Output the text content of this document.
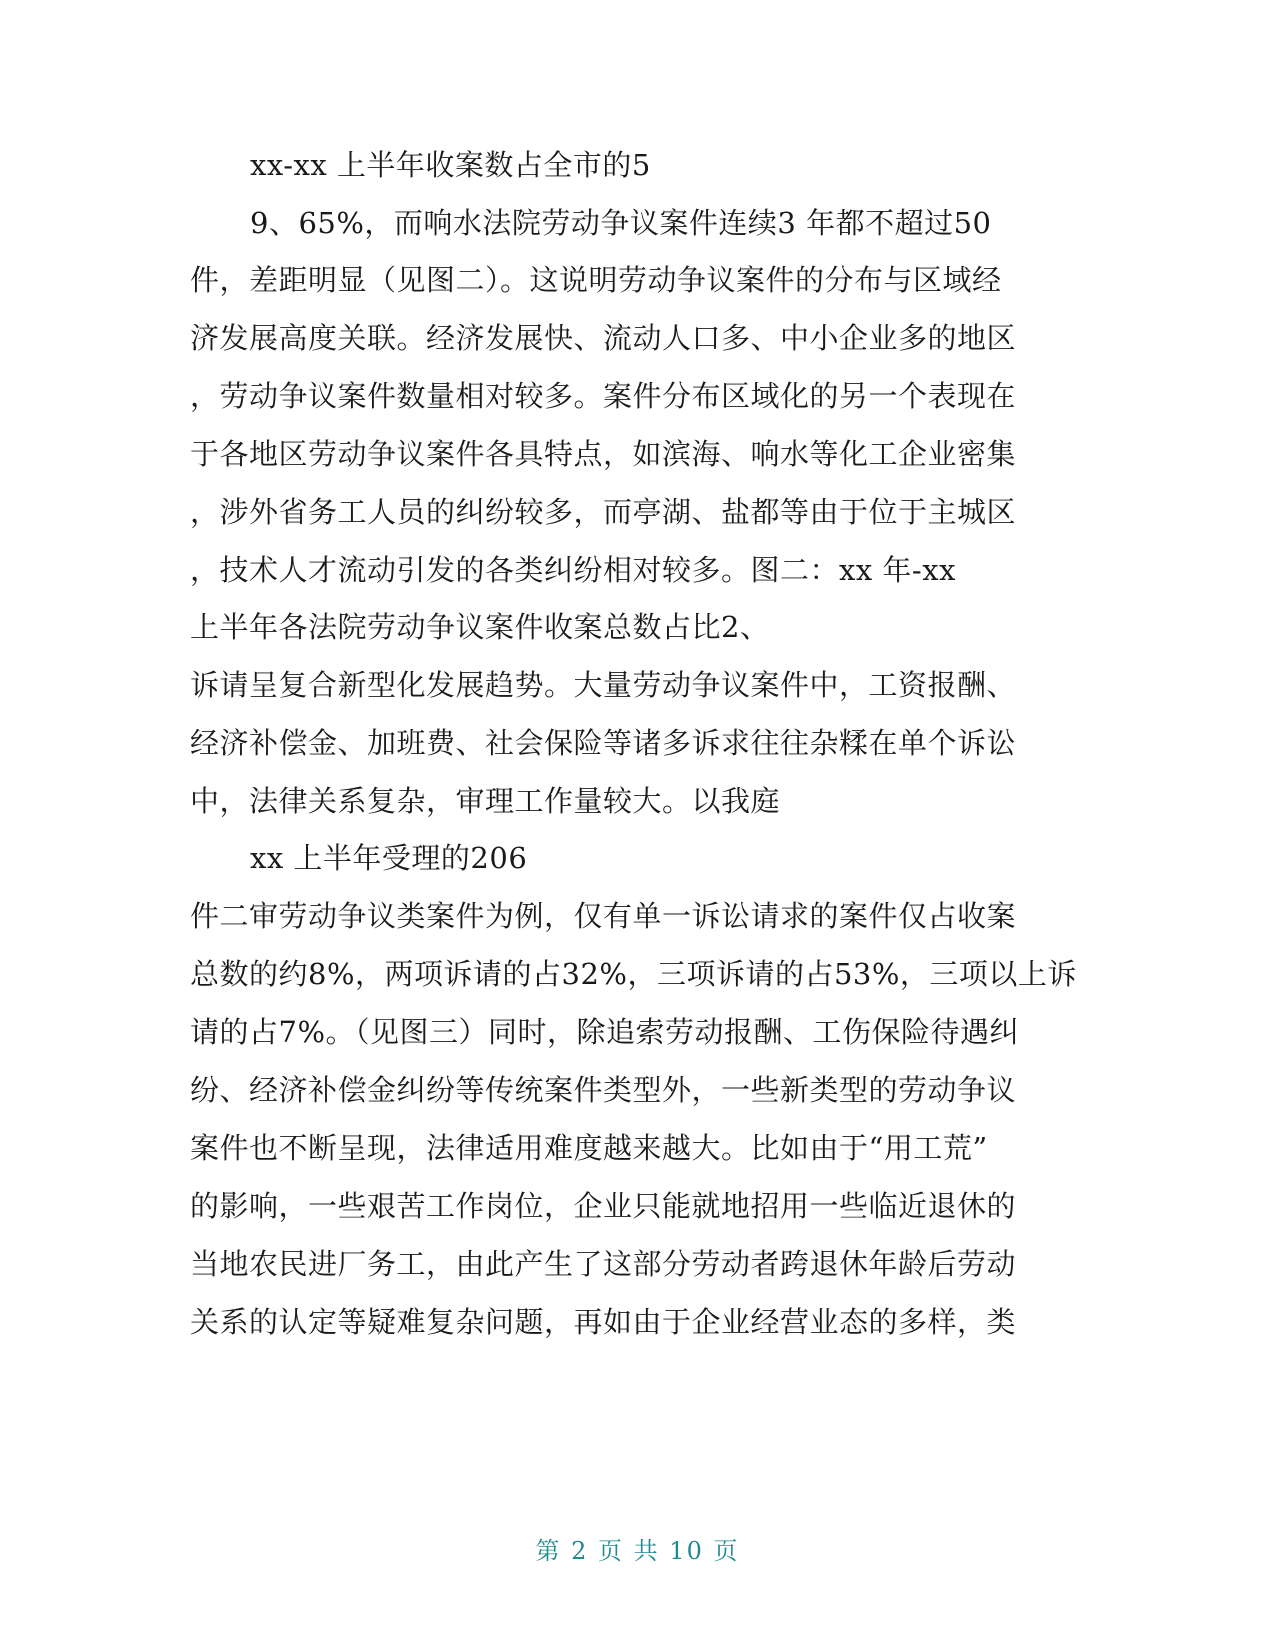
xx-xx 上半年收案数占全市的5
9、65%，而响水法院劳动争议案件连续3 年都不超过50
件，差距明显（见图二）。这说明劳动争议案件的分布与区域经
济发展高度关联。经济发展快、流动人口多、中小企业多的地区
，劳动争议案件数量相对较多。案件分布区域化的另一个表现在
于各地区劳动争议案件各具特点，如滨海、响水等化工企业密集
，涉外省务工人员的纠纷较多，而亭湖、盐都等由于位于主城区
，技术人才流动引发的各类纠纷相对较多。图二：xx 年-xx
上半年各法院劳动争议案件收案总数占比2、
诉请呈复合新型化发展趋势。大量劳动争议案件中，工资报酬、
经济补偿金、加班费、社会保险等诸多诉求往往杂糅在单个诉讼
中，法律关系复杂，审理工作量较大。以我庭
xx 上半年受理的206
件二审劳动争议类案件为例，仅有单一诉讼请求的案件仅占收案
总数的约8%，两项诉请的占32%，三项诉请的占53%，三项以上诉
请的占7%。（见图三）同时，除追索劳动报酬、工伤保险待遇纠
纷、经济补偿金纠纷等传统案件类型外，一些新类型的劳动争议
案件也不断呈现，法律适用难度越来越大。比如由于“用工荒”
的影响，一些艰苦工作岗位，企业只能就地招用一些临近退休的
当地农民进厂务工，由此产生了这部分劳动者跨退休年龄后劳动
关系的认定等疑难复杂问题，再如由于企业经营业态的多样，类
第 2 页 共 10 页
